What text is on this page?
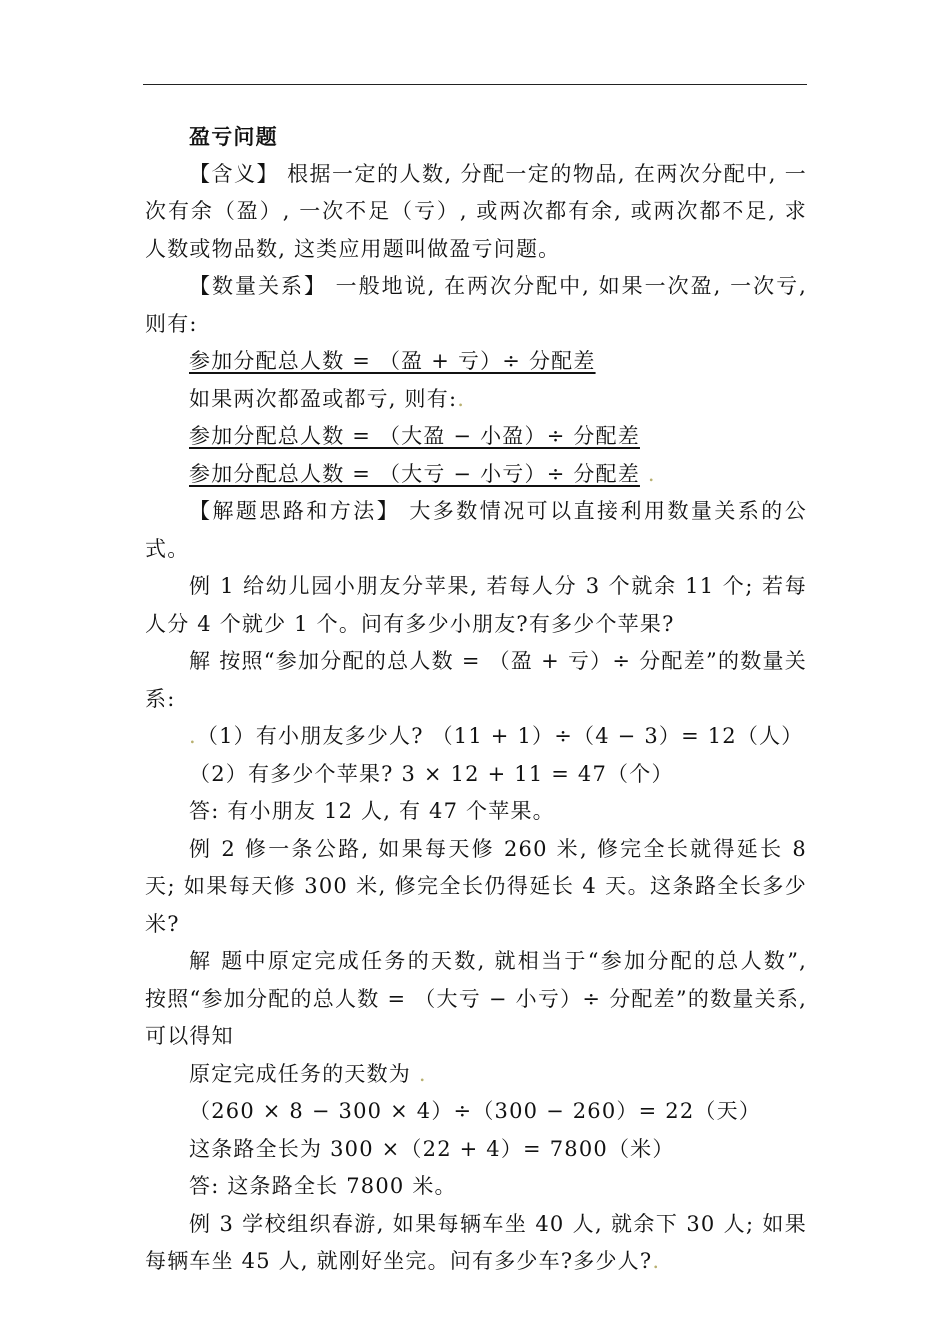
盈亏问题

【含义】 根据一定的人数, 分配一定的物品, 在两次分配中, 一次有余（盈）, 一次不足（亏）, 或两次都有余, 或两次都不足, 求人数或物品数, 这类应用题叫做盈亏问题。

【数量关系】 一般地说, 在两次分配中, 如果一次盈, 一次亏, 则有:

参加分配总人数 = （盈 + 亏）÷ 分配差

如果两次都盈或都亏, 则有:.

参加分配总人数 = （大盈 − 小盈）÷ 分配差

参加分配总人数 = （大亏 − 小亏）÷ 分配差 .

【解题思路和方法】 大多数情况可以直接利用数量关系的公式。

例 1 给幼儿园小朋友分苹果, 若每人分 3 个就余 11 个; 若每人分 4 个就少 1 个。问有多少小朋友?有多少个苹果?

解 按照“参加分配的总人数 = （盈 + 亏）÷ 分配差”的数量关系:

.（1）有小朋友多少人? （11 + 1）÷（4 − 3）= 12（人）

（2）有多少个苹果? 3 × 12 + 11 = 47（个）

答: 有小朋友 12 人, 有 47 个苹果。

例 2 修一条公路, 如果每天修 260 米, 修完全长就得延长 8 天; 如果每天修 300 米, 修完全长仍得延长 4 天。这条路全长多少米?

解 题中原定完成任务的天数, 就相当于“参加分配的总人数”, 按照“参加分配的总人数 = （大亏 − 小亏）÷ 分配差”的数量关系, 可以得知

原定完成任务的天数为 .

（260 × 8 − 300 × 4）÷（300 − 260）= 22（天）

这条路全长为 300 ×（22 + 4）= 7800（米）

答: 这条路全长 7800 米。

例 3 学校组织春游, 如果每辆车坐 40 人, 就余下 30 人; 如果每辆车坐 45 人, 就刚好坐完。问有多少车?多少人?.
